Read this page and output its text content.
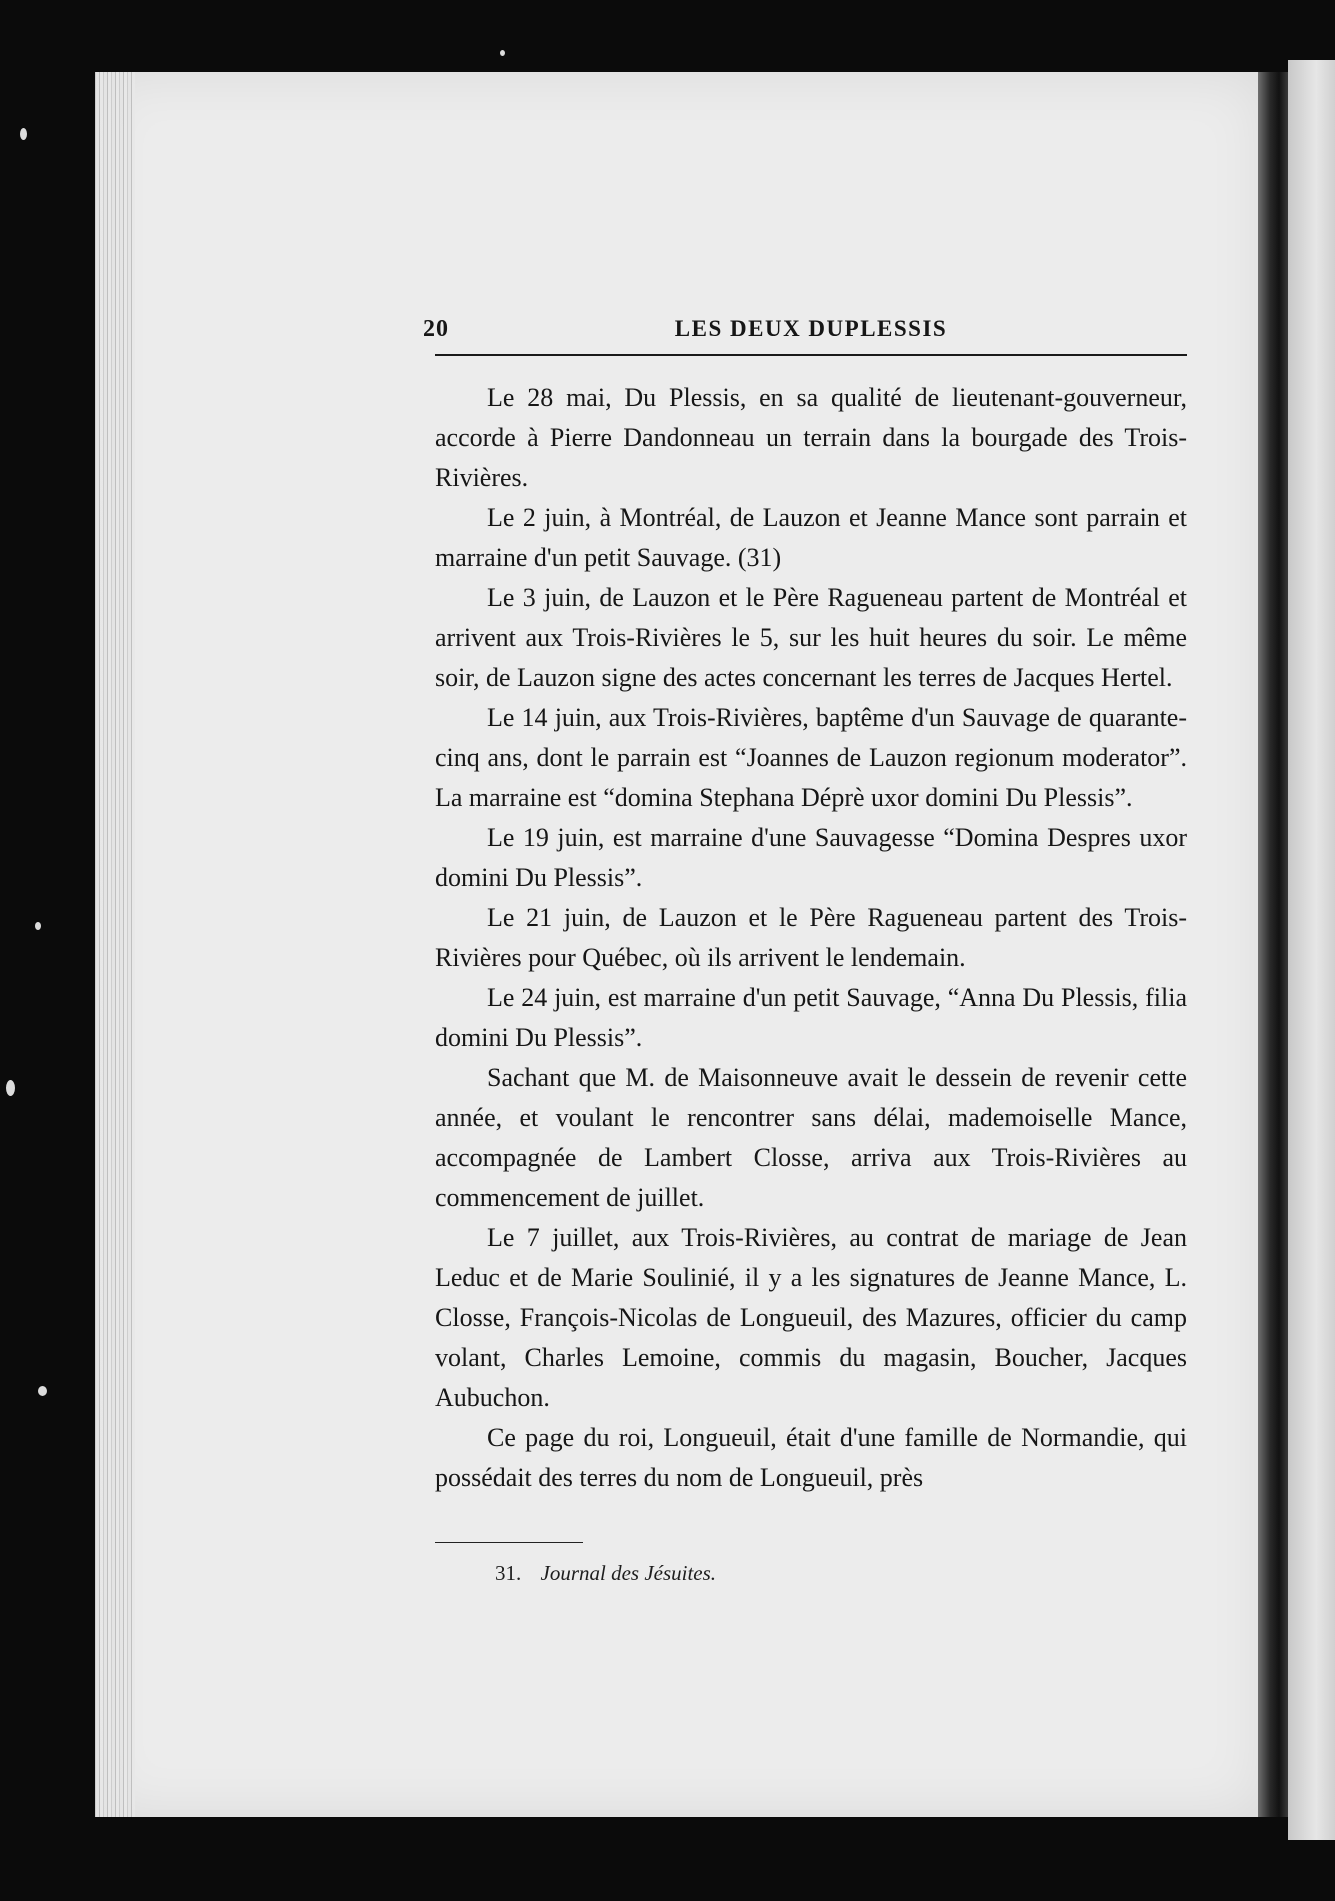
20	LES DEUX DUPLESSIS

Le 28 mai, Du Plessis, en sa qualité de lieutenant-gouverneur, accorde à Pierre Dandonneau un terrain dans la bourgade des Trois-Rivières.

Le 2 juin, à Montréal, de Lauzon et Jeanne Mance sont parrain et marraine d'un petit Sauvage. (31)

Le 3 juin, de Lauzon et le Père Ragueneau partent de Montréal et arrivent aux Trois-Rivières le 5, sur les huit heures du soir. Le même soir, de Lauzon signe des actes concernant les terres de Jacques Hertel.

Le 14 juin, aux Trois-Rivières, baptême d'un Sauvage de quarante-cinq ans, dont le parrain est “Joannes de Lauzon regionum moderator”. La marraine est “domina Stephana Déprè uxor domini Du Plessis”.

Le 19 juin, est marraine d'une Sauvagesse “Domina Despres uxor domini Du Plessis”.

Le 21 juin, de Lauzon et le Père Ragueneau partent des Trois-Rivières pour Québec, où ils arrivent le lendemain.

Le 24 juin, est marraine d'un petit Sauvage, “Anna Du Plessis, filia domini Du Plessis”.

Sachant que M. de Maisonneuve avait le dessein de revenir cette année, et voulant le rencontrer sans délai, mademoiselle Mance, accompagnée de Lambert Closse, arriva aux Trois-Rivières au commencement de juillet.

Le 7 juillet, aux Trois-Rivières, au contrat de mariage de Jean Leduc et de Marie Soulinié, il y a les signatures de Jeanne Mance, L. Closse, François-Nicolas de Longueuil, des Mazures, officier du camp volant, Charles Lemoine, commis du magasin, Boucher, Jacques Aubuchon.

Ce page du roi, Longueuil, était d'une famille de Normandie, qui possédait des terres du nom de Longueuil, près

31. Journal des Jésuites.
